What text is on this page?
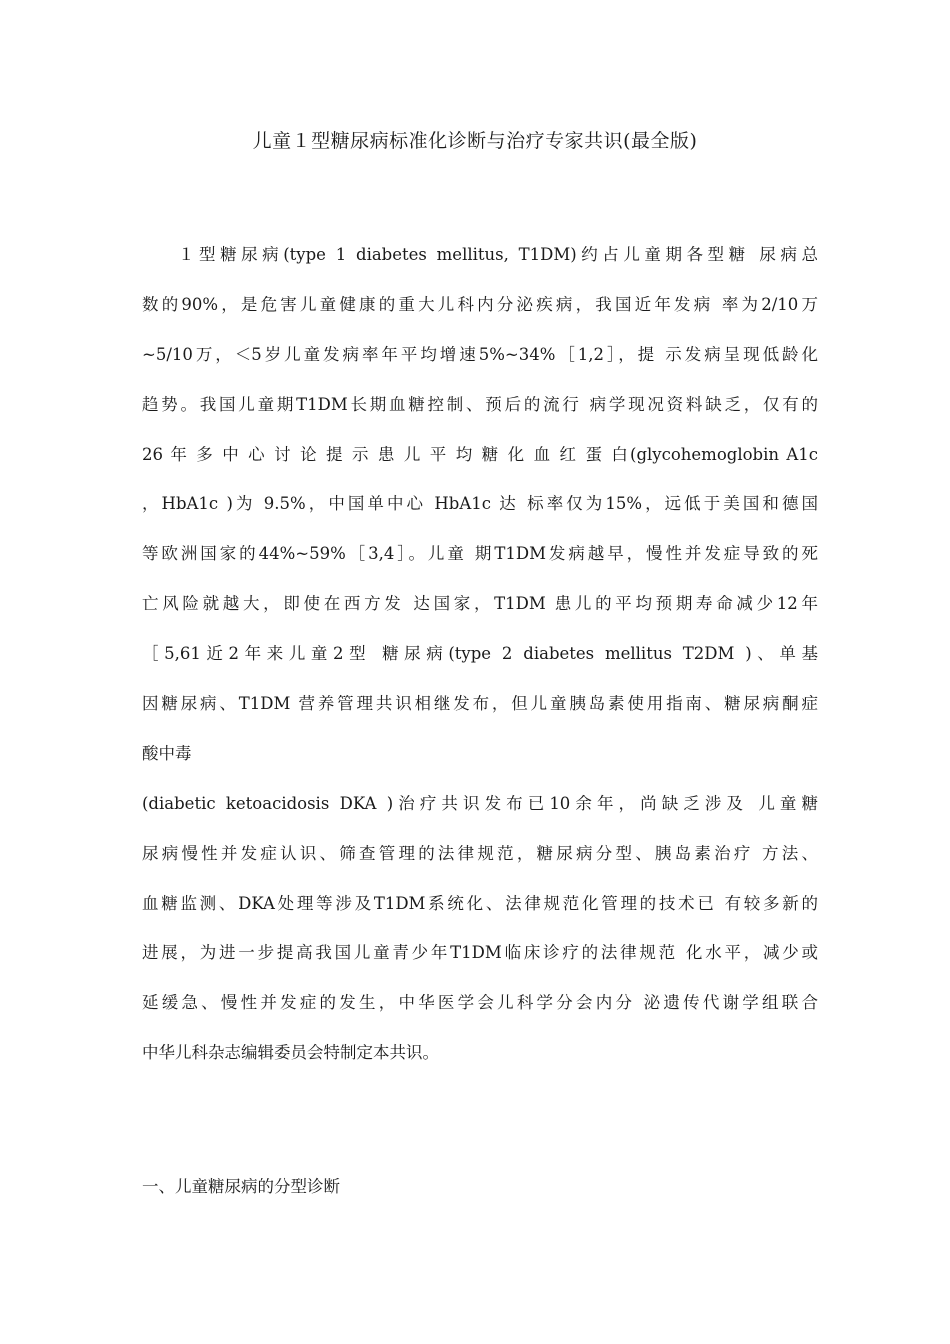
儿童１型糖尿病标准化诊断与治疗专家共识(最全版)
１型糖尿病(type 1 diabetes mellitus, T1DM)约占儿童期各型糖 尿病总
数的90%，是危害儿童健康的重大儿科内分泌疾病，我国近年发病 率为2/10万
~5/10万，＜5岁儿童发病率年平均增速5%~34%［1,2］，提 示发病呈现低龄化
趋势。我国儿童期T1DM长期血糖控制、预后的流行 病学现况资料缺乏，仅有的
26 年 多 中 心 讨 论 提 示 患 儿 平 均 糖 化 血 红 蛋 白(glycohemoglobin A1c
，HbA1c )为 9.5%，中国单中心 HbA1c 达 标率仅为15%，远低于美国和德国
等欧洲国家的44%~59%［3,4］。儿童 期T1DM发病越早，慢性并发症导致的死
亡风险就越大，即使在西方发 达国家，T1DM 患儿的平均预期寿命减少12年
［5,61近2年来儿童2型 糖尿病(type 2 diabetes mellitus T2DM )、单基
因糖尿病、T1DM 营养管理共识相继发布，但儿童胰岛素使用指南、糖尿病酮症
酸中毒
(diabetic ketoacidosis DKA )治疗共识发布已10余年，尚缺乏涉及 儿童糖
尿病慢性并发症认识、筛查管理的法律规范，糖尿病分型、胰岛素治疗 方法、
血糖监测、DKA处理等涉及T1DM系统化、法律规范化管理的技术已 有较多新的
进展，为进一步提高我国儿童青少年T1DM临床诊疗的法律规范 化水平，减少或
延缓急、慢性并发症的发生，中华医学会儿科学分会内分 泌遗传代谢学组联合
中华儿科杂志编辑委员会特制定本共识。
一、儿童糖尿病的分型诊断
